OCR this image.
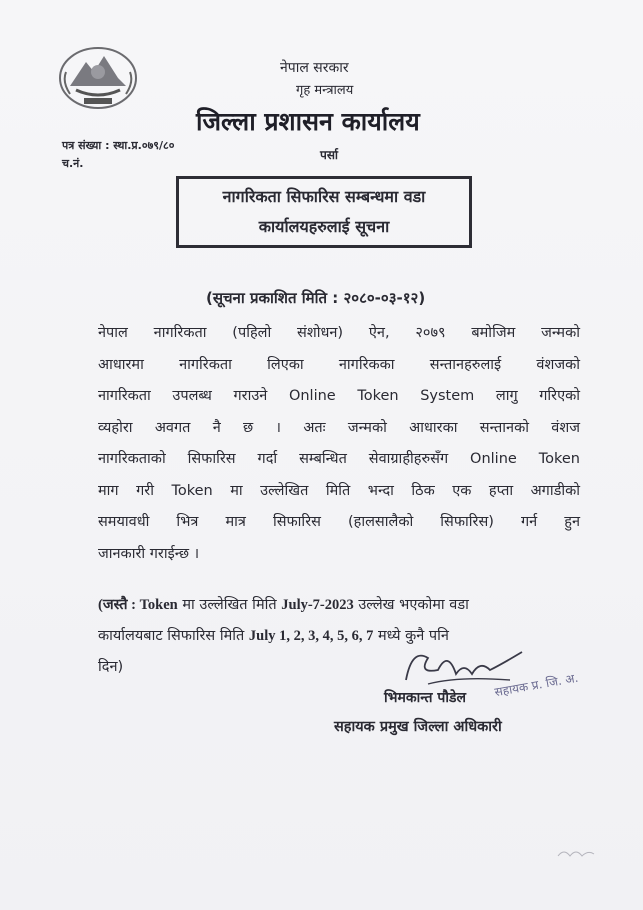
नेपाल सरकार
गृह मन्त्रालय
जिल्ला प्रशासन कार्यालय
पत्र संख्या : स्था.प्र.०७९/८०
च.नं.
पर्सा
नागरिकता सिफारिस सम्बन्धमा वडा
कार्यालयहरुलाई सूचना
(सूचना प्रकाशित मिति : २०८०-०३-१२)
नेपाल नागरिकता (पहिलो संशोधन) ऐन, २०७९ बमोजिम जन्मको
आधारमा नागरिकता लिएका नागरिकका सन्तानहरुलाई वंशजको
नागरिकता उपलब्ध गराउने Online Token System लागु गरिएको
व्यहोरा अवगत नै छ । अतः जन्मको आधारका सन्तानको वंशज
नागरिकताको सिफारिस गर्दा सम्बन्धित सेवाग्राहीहरुसँग Online Token
माग गरी Token मा उल्लेखित मिति भन्दा ठिक एक हप्ता अगाडीको
समयावधी भित्र मात्र सिफारिस (हालसालैको सिफारिस) गर्न हुन
जानकारी गराईन्छ ।
(जस्तै : Token मा उल्लेखित मिति July-7-2023 उल्लेख भएकोमा वडा
कार्यालयबाट सिफारिस मिति July 1, 2, 3, 4, 5, 6, 7 मध्ये कुनै पनि
दिन)
भिमकान्त पौडेल सहायक प्र. जि. अ.
सहायक प्रमुख जिल्ला अधिकारी
